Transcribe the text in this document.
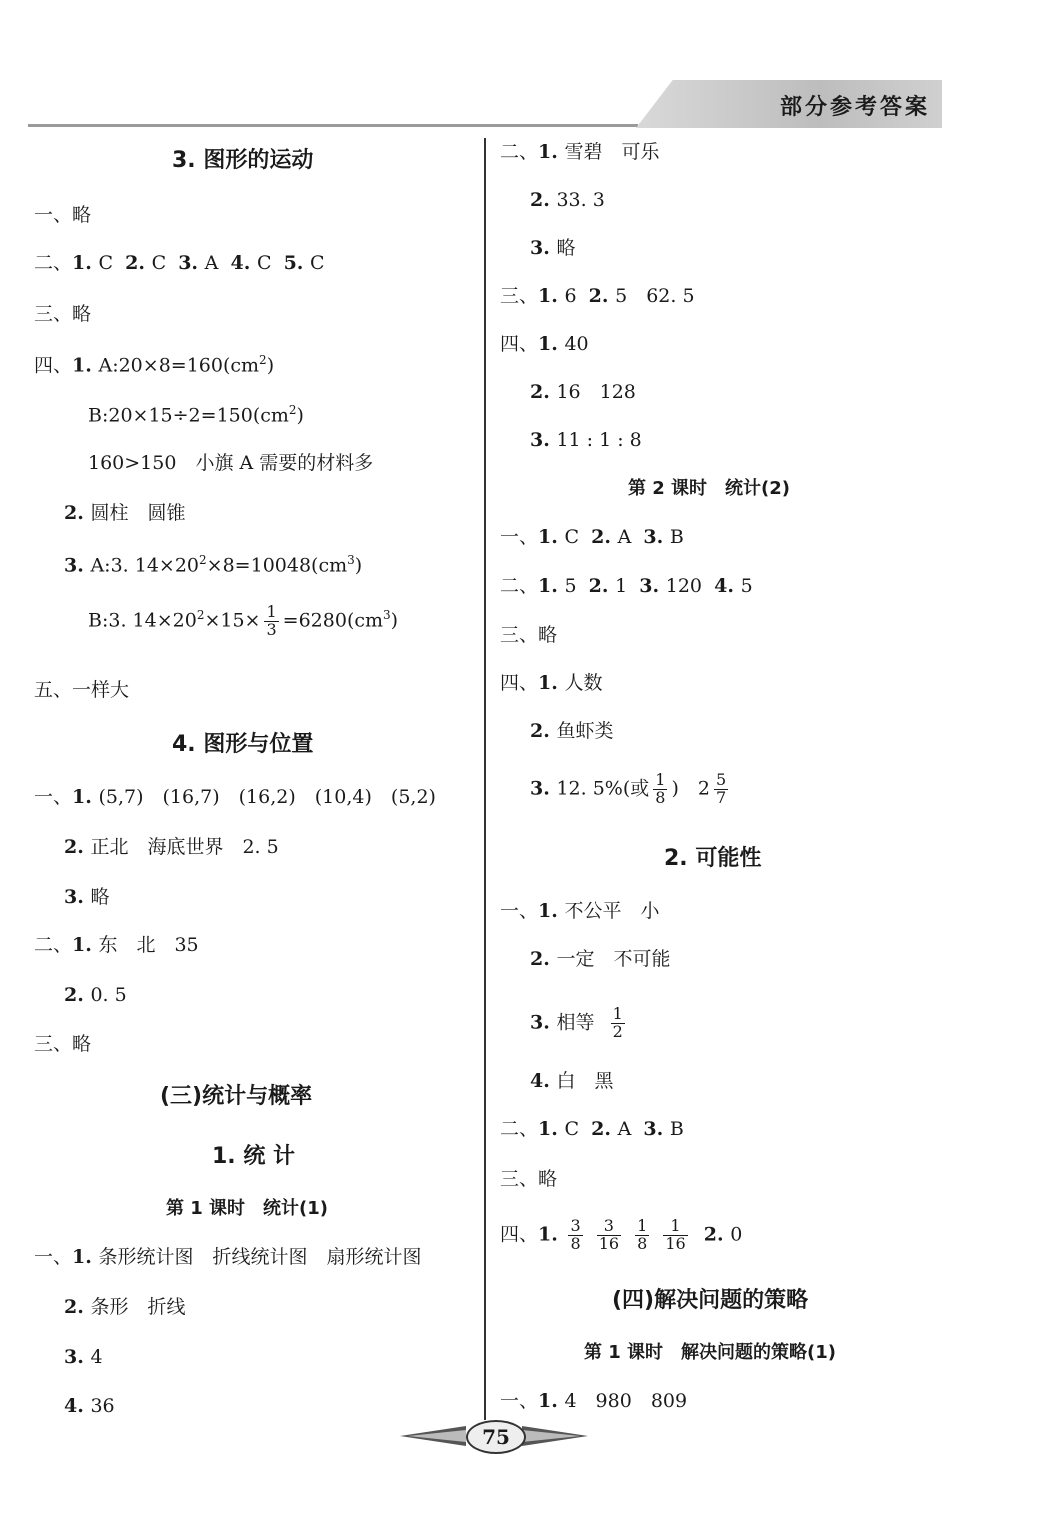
部分参考答案
3. 图形的运动
一、略
二、1. C 2. C 3. A 4. C 5. C
三、略
四、1. $A:20\times 8=160(cm^2)$
$B:20\times 15\div 2=150(cm^2)$
160>150　小旗 A 需要的材料多
2. 圆柱　圆锥
3. A:3. $14\times 20^2\times 8=10048(cm^3)$
B:3. $14\times 20^2\times 15\times \frac{1}{3} =6280(cm^3)$
五、一样大
4. 图形与位置
一、1. (5,7)　(16,7)　(16,2)　(10,4)　(5,2)
2. 正北　海底世界　2. 5
3. 略
二、1. 东　北　35
2. 0. 5
三、略
(三)统计与概率
1. 统 计
第 1 课时　统计(1)
一、1. 条形统计图　折线统计图　扇形统计图
2. 条形　折线
3. 4
4. 36
二、1. 雪碧　可乐
2. 33. 3
3. 略
三、1. 6 2. 5　62. 5
四、1. 40
2. 16　128
3. 11 : 1 : 8
第 2 课时　统计(2)
一、1. C 2. A 3. B
二、1. 5 2. 1 3. 120 4. 5
三、略
四、1. 人数
2. 鱼虾类
3. 12. 5%(或 $\frac{1}{8}$ )　$2 \frac{5}{7}$
2. 可能性
一、1. 不公平　小
2. 一定　不可能
3. 相等 $\frac{1}{2}$
4. 白　黑
二、1. C 2. A 3. B
三、略
四、1. $\frac{3}{8}$
$\frac{3}{16}$
$\frac{1}{8}$
$\frac{1}{16} 2$. 0
(四)解决问题的策略
第 1 课时　解决问题的策略(1)
一、1. 4　980　809
75
